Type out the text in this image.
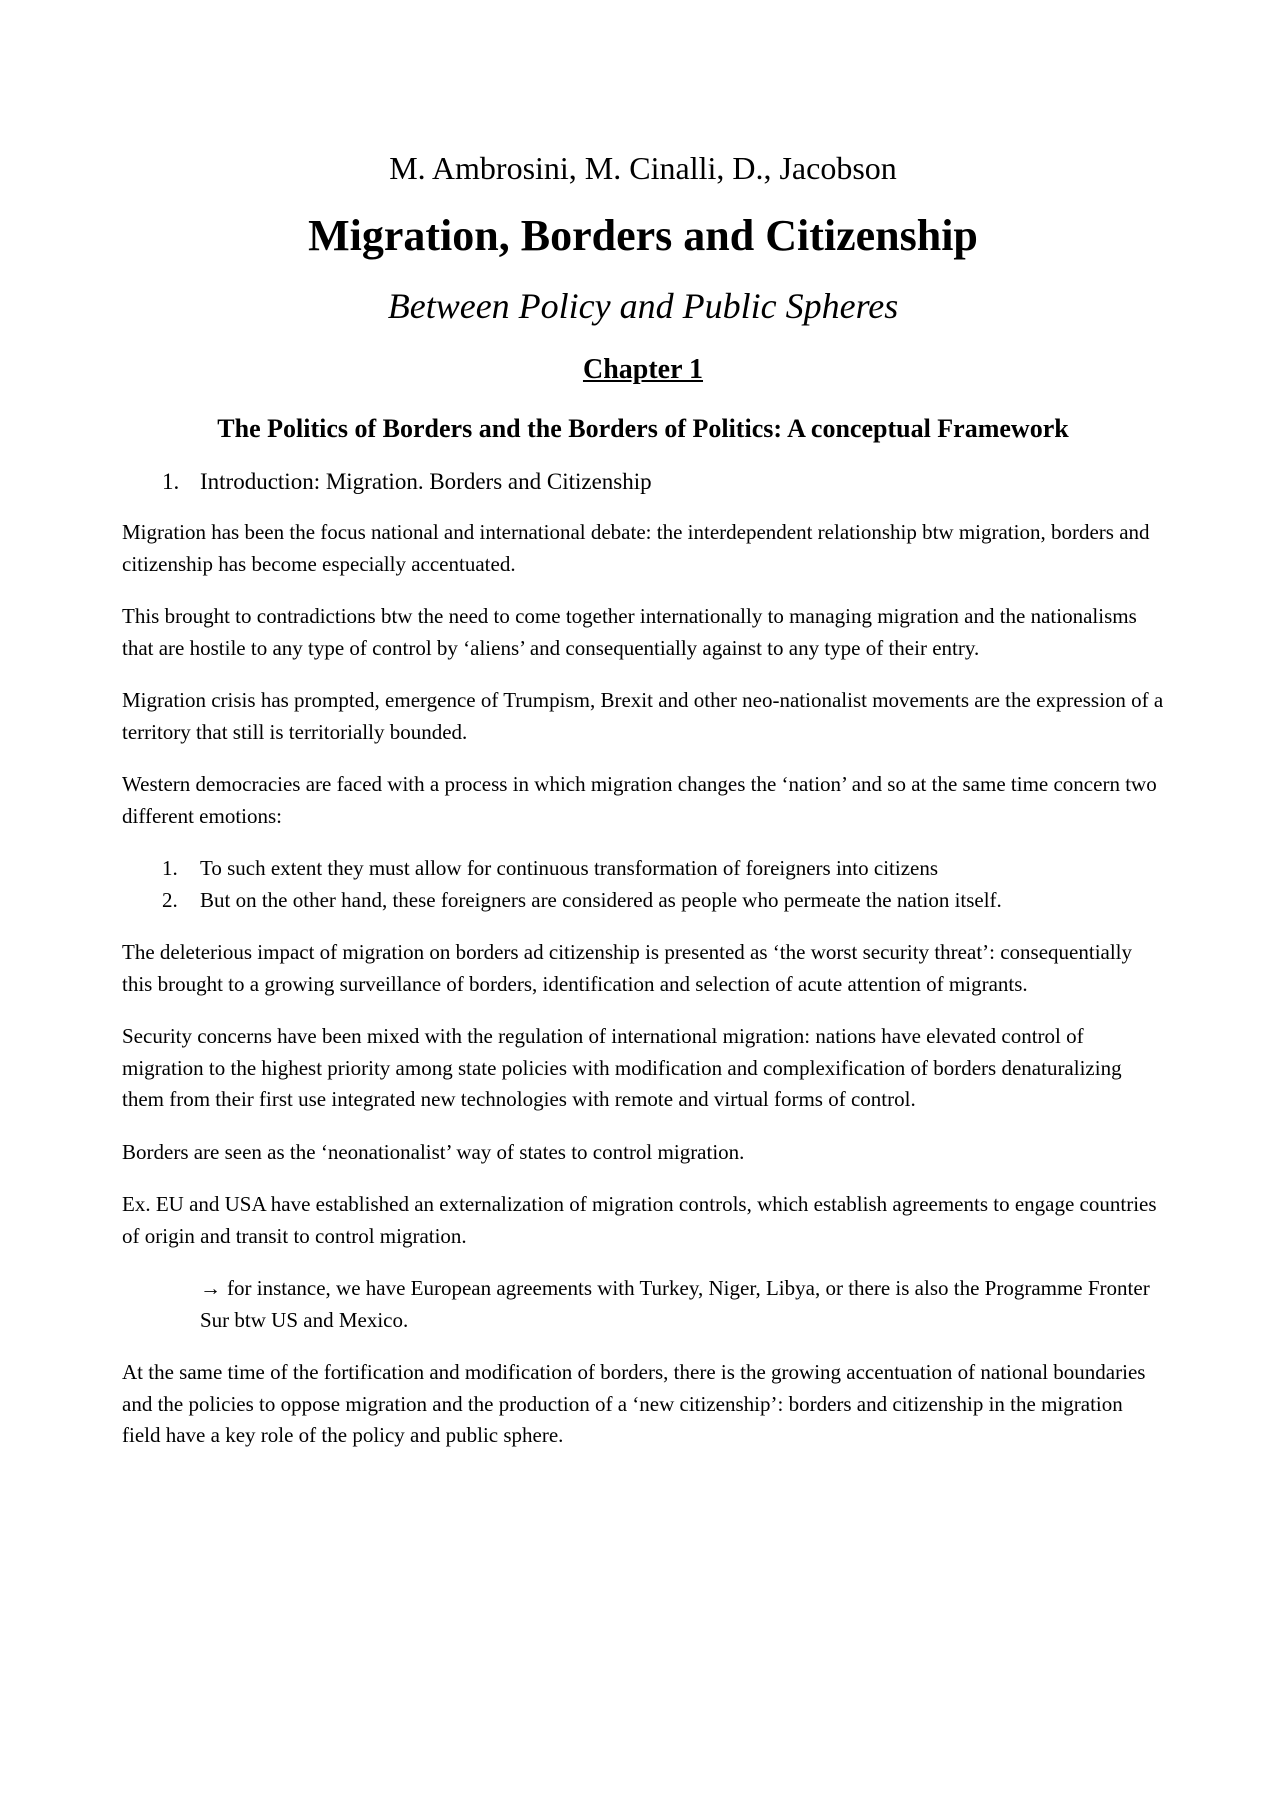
M. Ambrosini, M. Cinalli, D., Jacobson
Migration, Borders and Citizenship
Between Policy and Public Spheres
Chapter 1
The Politics of Borders and the Borders of Politics: A conceptual Framework
1. Introduction: Migration. Borders and Citizenship

Migration has been the focus national and international debate: the interdependent relationship btw migration, borders and citizenship has become especially accentuated.

This brought to contradictions btw the need to come together internationally to managing migration and the nationalisms that are hostile to any type of control by ‘aliens’ and consequentially against to any type of their entry.

Migration crisis has prompted, emergence of Trumpism, Brexit and other neo-nationalist movements are the expression of a territory that still is territorially bounded.

Western democracies are faced with a process in which migration changes the ‘nation’ and so at the same time concern two different emotions:

1. To such extent they must allow for continuous transformation of foreigners into citizens
2. But on the other hand, these foreigners are considered as people who permeate the nation itself.

The deleterious impact of migration on borders ad citizenship is presented as ‘the worst security threat’: consequentially this brought to a growing surveillance of borders, identification and selection of acute attention of migrants.

Security concerns have been mixed with the regulation of international migration: nations have elevated control of migration to the highest priority among state policies with modification and complexification of borders denaturalizing them from their first use integrated new technologies with remote and virtual forms of control.

Borders are seen as the ‘neonationalist’ way of states to control migration.

Ex. EU and USA have established an externalization of migration controls, which establish agreements to engage countries of origin and transit to control migration.

→ for instance, we have European agreements with Turkey, Niger, Libya, or there is also the Programme Fronter Sur btw US and Mexico.

At the same time of the fortification and modification of borders, there is the growing accentuation of national boundaries and the policies to oppose migration and the production of a ‘new citizenship’: borders and citizenship in the migration field have a key role of the policy and public sphere.
